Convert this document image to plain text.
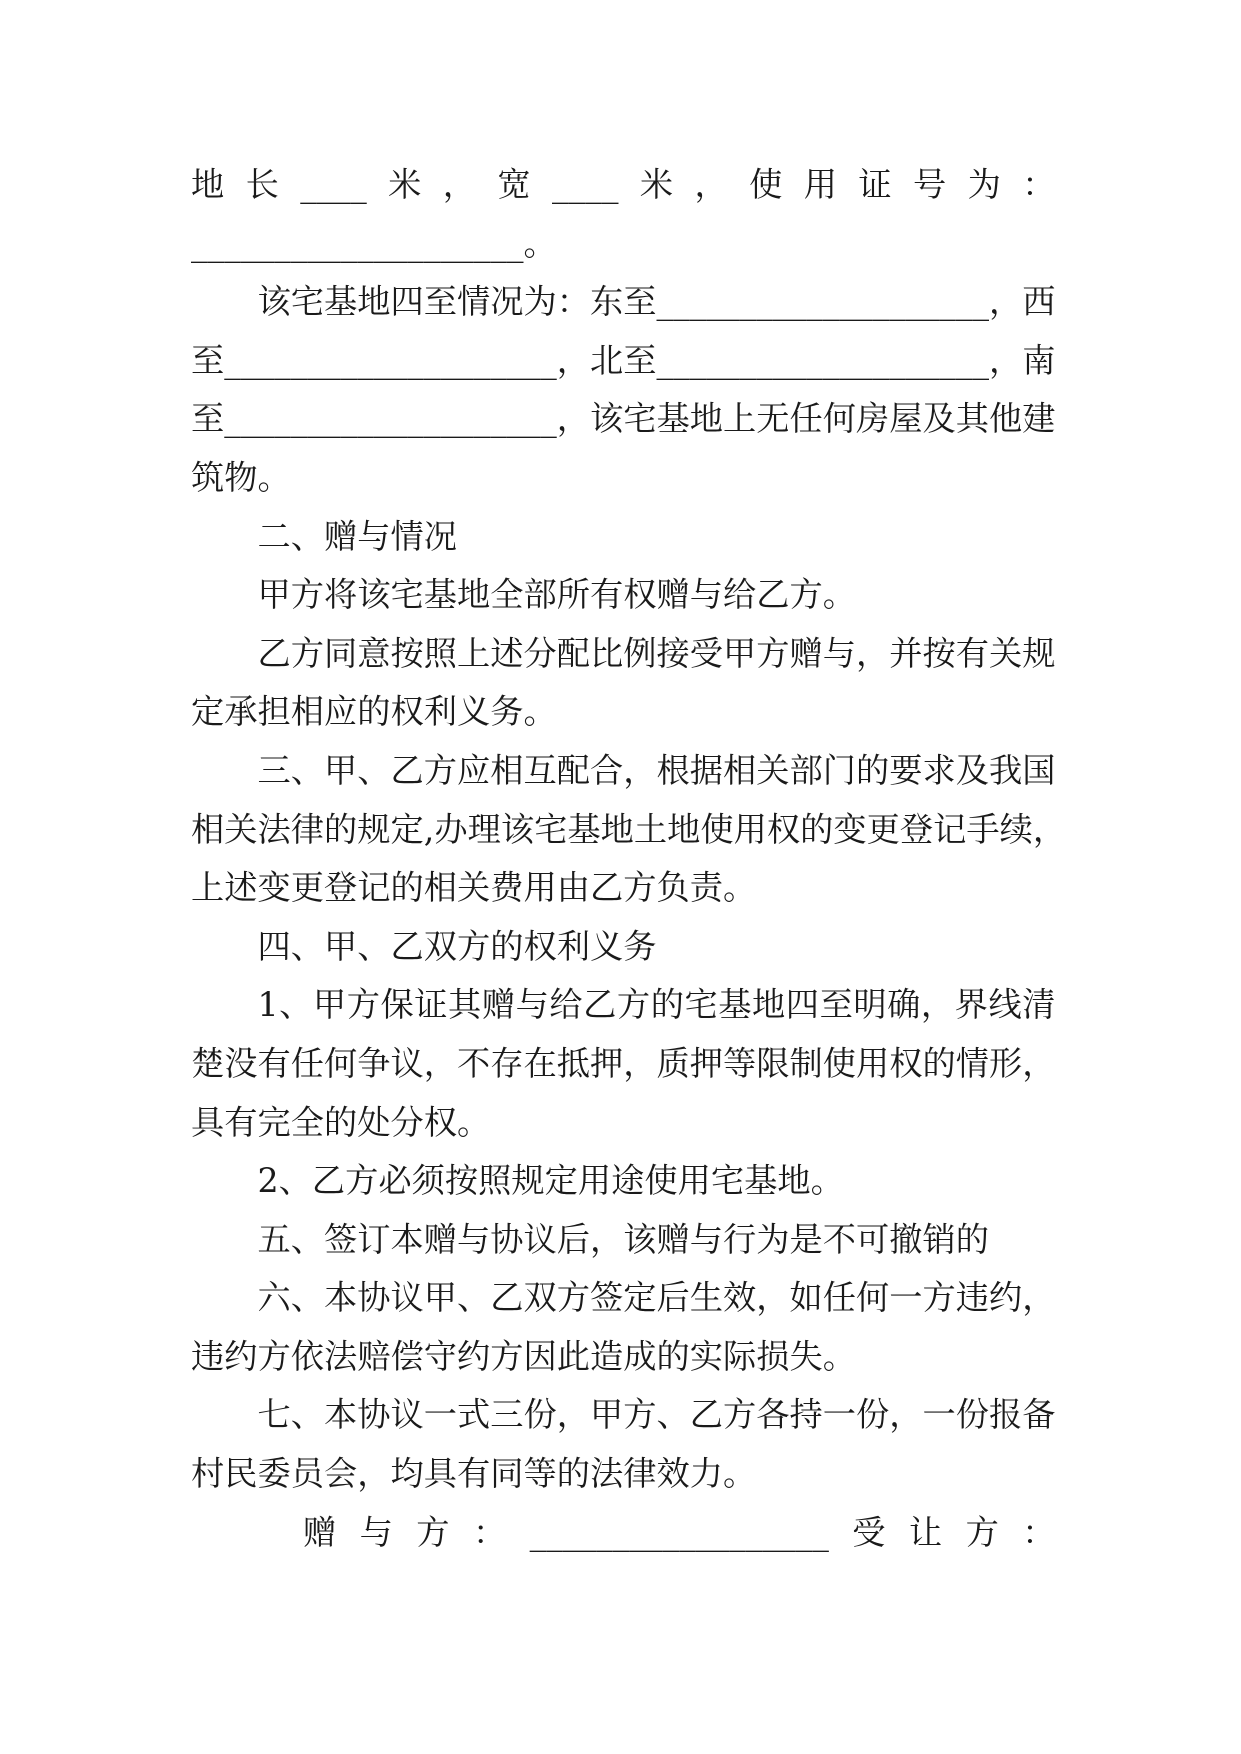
地长____米，宽____米，使用证号为：
____________________。
该宅基地四至情况为：东至____________________，西
至____________________，北至____________________，南
至____________________，该宅基地上无任何房屋及其他建
筑物。
二、赠与情况
甲方将该宅基地全部所有权赠与给乙方。
乙方同意按照上述分配比例接受甲方赠与，并按有关规
定承担相应的权利义务。
三、甲、乙方应相互配合，根据相关部门的要求及我国
相关法律的规定,办理该宅基地土地使用权的变更登记手续，
上述变更登记的相关费用由乙方负责。
四、甲、乙双方的权利义务
1、甲方保证其赠与给乙方的宅基地四至明确，界线清
楚没有任何争议，不存在抵押，质押等限制使用权的情形，
具有完全的处分权。
2、乙方必须按照规定用途使用宅基地。
五、签订本赠与协议后，该赠与行为是不可撤销的
六、本协议甲、乙双方签定后生效，如任何一方违约，
违约方依法赔偿守约方因此造成的实际损失。
七、本协议一式三份，甲方、乙方各持一份，一份报备
村民委员会，均具有同等的法律效力。
赠与方：__________________受让方：
